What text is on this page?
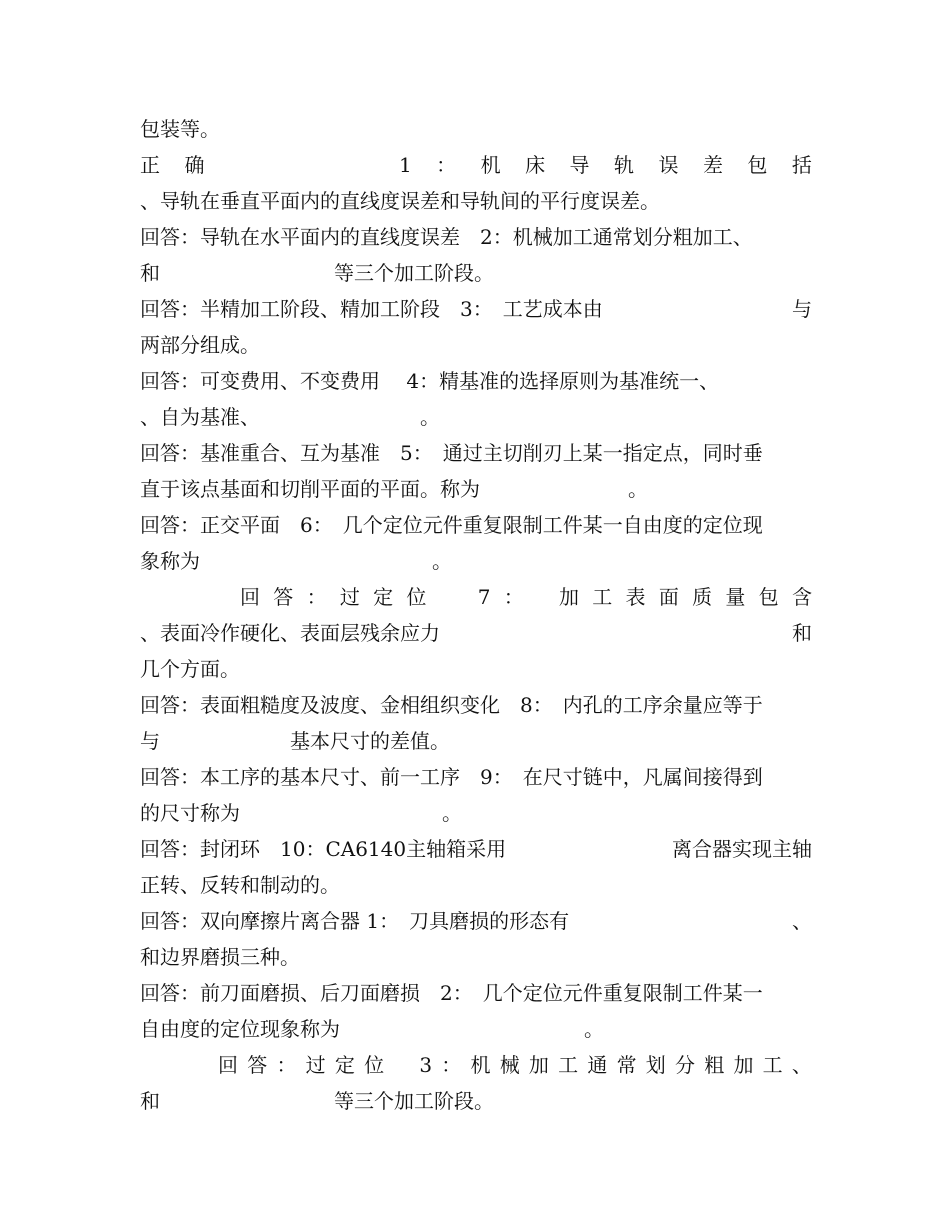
包装等。
正 确	1 ： 机 床 导 轨 误 差 包 括
、导轨在垂直平面内的直线度误差和导轨间的平行度误差。
回答：导轨在水平面内的直线度误差　2：机械加工通常划分粗加工、
和	等三个加工阶段。
回答：半精加工阶段、精加工阶段　3：　工艺成本由	与
两部分组成。
回答：可变费用、不变费用　 4：精基准的选择原则为基准统一、
、自为基准、	。
回答：基准重合、互为基准　5：　通过主切削刃上某一指定点，同时垂
直于该点基面和切削平面的平面。称为	。
回答：正交平面　6：　几个定位元件重复限制工件某一自由度的定位现
象称为	。
回 答 ： 过 定 位	7 ： 加 工 表 面 质 量 包 含
、表面冷作硬化、表面层残余应力	和
几个方面。
回答：表面粗糙度及波度、金相组织变化　8：　内孔的工序余量应等于
与	基本尺寸的差值。
回答：本工序的基本尺寸、前一工序　9：　在尺寸链中，凡属间接得到
的尺寸称为	。
回答：封闭环　10：CA6140主轴箱采用	离合器实现主轴
正转、反转和制动的。
回答：双向摩擦片离合器 1：　刀具磨损的形态有	、
和边界磨损三种。
回答：前刀面磨损、后刀面磨损　2：　几个定位元件重复限制工件某一
自由度的定位现象称为	。
回 答 ： 过 定 位 3 ： 机 械 加 工 通 常 划 分 粗 加 工 、
和	等三个加工阶段。
